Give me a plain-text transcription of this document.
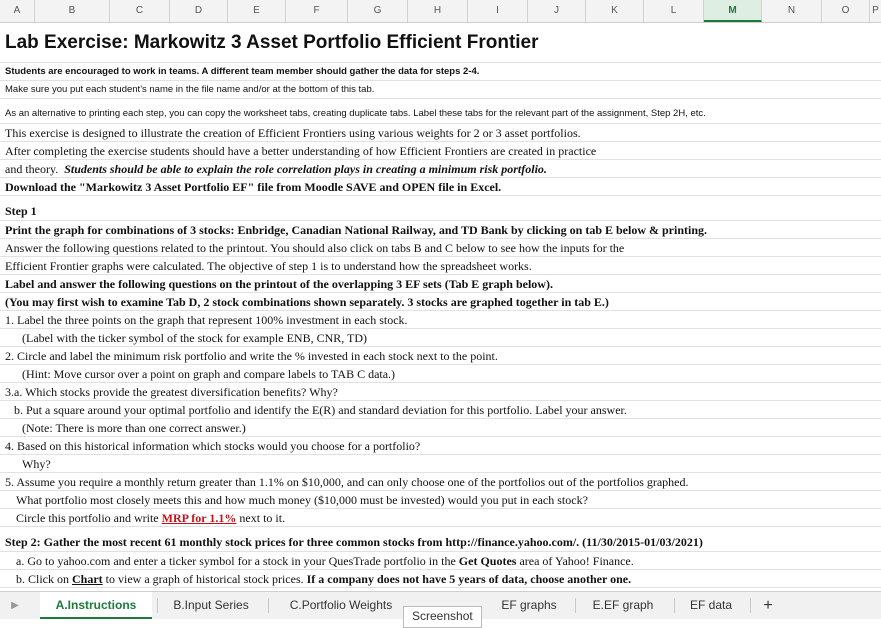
A	B	C	D	E	F	G	H	I	J	K	L	M	N	O	P
Lab Exercise: Markowitz 3 Asset Portfolio Efficient Frontier
Students are encouraged to work in teams. A different team member should gather the data for steps 2-4.
Make sure you put each student's name in the file name and/or at the bottom of this tab.
As an alternative to printing each step, you can copy the worksheet tabs, creating duplicate tabs. Label these tabs for the relevant part of the assignment, Step 2H, etc.
This exercise is designed to illustrate the creation of Efficient Frontiers using various weights for 2 or 3 asset portfolios.
After completing the exercise students should have a better understanding of how Efficient Frontiers are created in practice
and theory.  Students should be able to explain the role correlation plays in creating a minimum risk portfolio.
Download the "Markowitz 3 Asset Portfolio EF" file from Moodle SAVE and OPEN file in Excel.
Step 1
Print the graph for combinations of 3 stocks: Enbridge, Canadian National Railway, and TD Bank by clicking on tab E below & printing.
Answer the following questions related to the printout. You should also click on tabs B and C below to see how the inputs for the
Efficient Frontier graphs were calculated. The objective of step 1 is to understand how the spreadsheet works.
Label and answer the following questions on the printout of the overlapping 3 EF sets (Tab E graph below).
(You may first wish to examine Tab D, 2 stock combinations shown separately. 3 stocks are graphed together in tab E.)
1. Label the three points on the graph that represent 100% investment in each stock.
(Label with the ticker symbol of the stock for example ENB, CNR, TD)
2. Circle and label the minimum risk portfolio and write the % invested in each stock next to the point.
(Hint: Move cursor over a point on graph and compare labels to TAB C data.)
3.a. Which stocks provide the greatest diversification benefits? Why?
b. Put a square around your optimal portfolio and identify the E(R) and standard deviation for this portfolio. Label your answer.
(Note: There is more than one correct answer.)
4. Based on this historical information which stocks would you choose for a portfolio?
Why?
5. Assume you require a monthly return greater than 1.1% on $10,000, and can only choose one of the portfolios out of the portfolios graphed.
What portfolio most closely meets this and how much money ($10,000 must be invested) would you put in each stock?
Circle this portfolio and write MRP for 1.1% next to it.
Step 2: Gather the most recent 61 monthly stock prices for three common stocks from http://finance.yahoo.com/. (11/30/2015-01/03/2021)
a. Go to yahoo.com and enter a ticker symbol for a stock in your QuesTrade portfolio in the Get Quotes area of Yahoo! Finance.
b. Click on Chart to view a graph of historical stock prices. If a company does not have 5 years of data, choose another one.
▶	A.Instructions	B.Input Series	C.Portfolio Weights	EF graphs	E.EF graph	EF data	+
Screenshot
